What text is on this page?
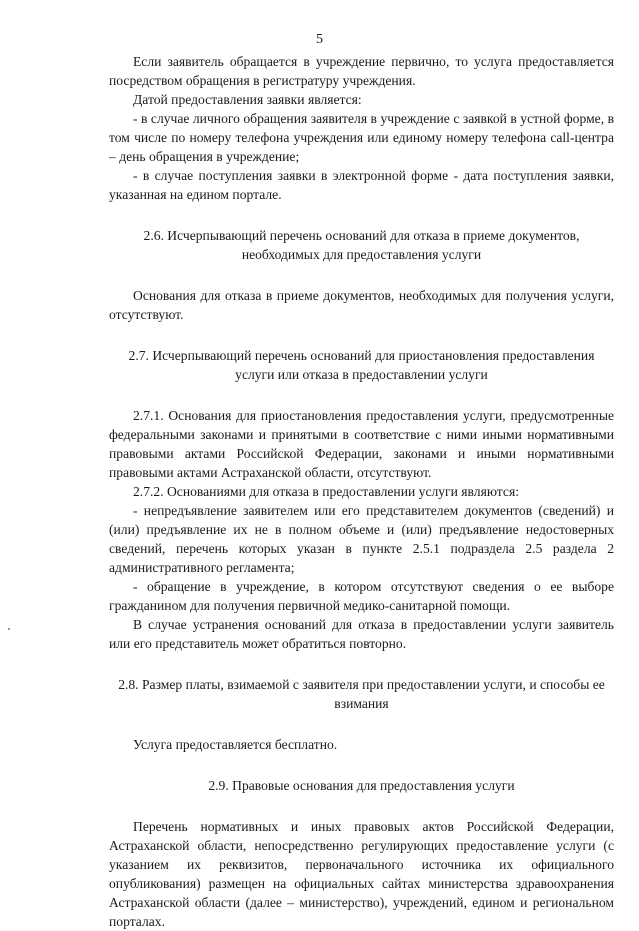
5

Если заявитель обращается в учреждение первично, то услуга предоставляется посредством обращения в регистратуру учреждения.

Датой предоставления заявки является:

- в случае личного обращения заявителя в учреждение с заявкой в устной форме, в том числе по номеру телефона учреждения или единому номеру телефона call-центра – день обращения в учреждение;

- в случае поступления заявки в электронной форме - дата поступления заявки, указанная на едином портале.

2.6. Исчерпывающий перечень оснований для отказа в приеме документов, необходимых для предоставления услуги

Основания для отказа в приеме документов, необходимых для получения услуги, отсутствуют.

2.7. Исчерпывающий перечень оснований для приостановления предоставления услуги или отказа в предоставлении услуги

2.7.1. Основания для приостановления предоставления услуги, предусмотренные федеральными законами и принятыми в соответствие с ними иными нормативными правовыми актами Российской Федерации, законами и иными нормативными правовыми актами Астраханской области, отсутствуют.

2.7.2. Основаниями для отказа в предоставлении услуги являются:

- непредъявление заявителем или его представителем документов (сведений) и (или) предъявление их не в полном объеме и (или) предъявление недостоверных сведений, перечень которых указан в пункте 2.5.1 подраздела 2.5 раздела 2 административного регламента;

- обращение в учреждение, в котором отсутствуют сведения о ее выборе гражданином для получения первичной медико-санитарной помощи.

В случае устранения оснований для отказа в предоставлении услуги заявитель или его представитель может обратиться повторно.

2.8. Размер платы, взимаемой с заявителя при предоставлении услуги, и способы ее взимания

Услуга предоставляется бесплатно.

2.9. Правовые основания для предоставления услуги

Перечень нормативных и иных правовых актов Российской Федерации, Астраханской области, непосредственно регулирующих предоставление услуги (с указанием их реквизитов, первоначального источника их официального опубликования) размещен на официальных сайтах министерства здравоохранения Астраханской области (далее – министерство), учреждений, едином и региональном порталах.
